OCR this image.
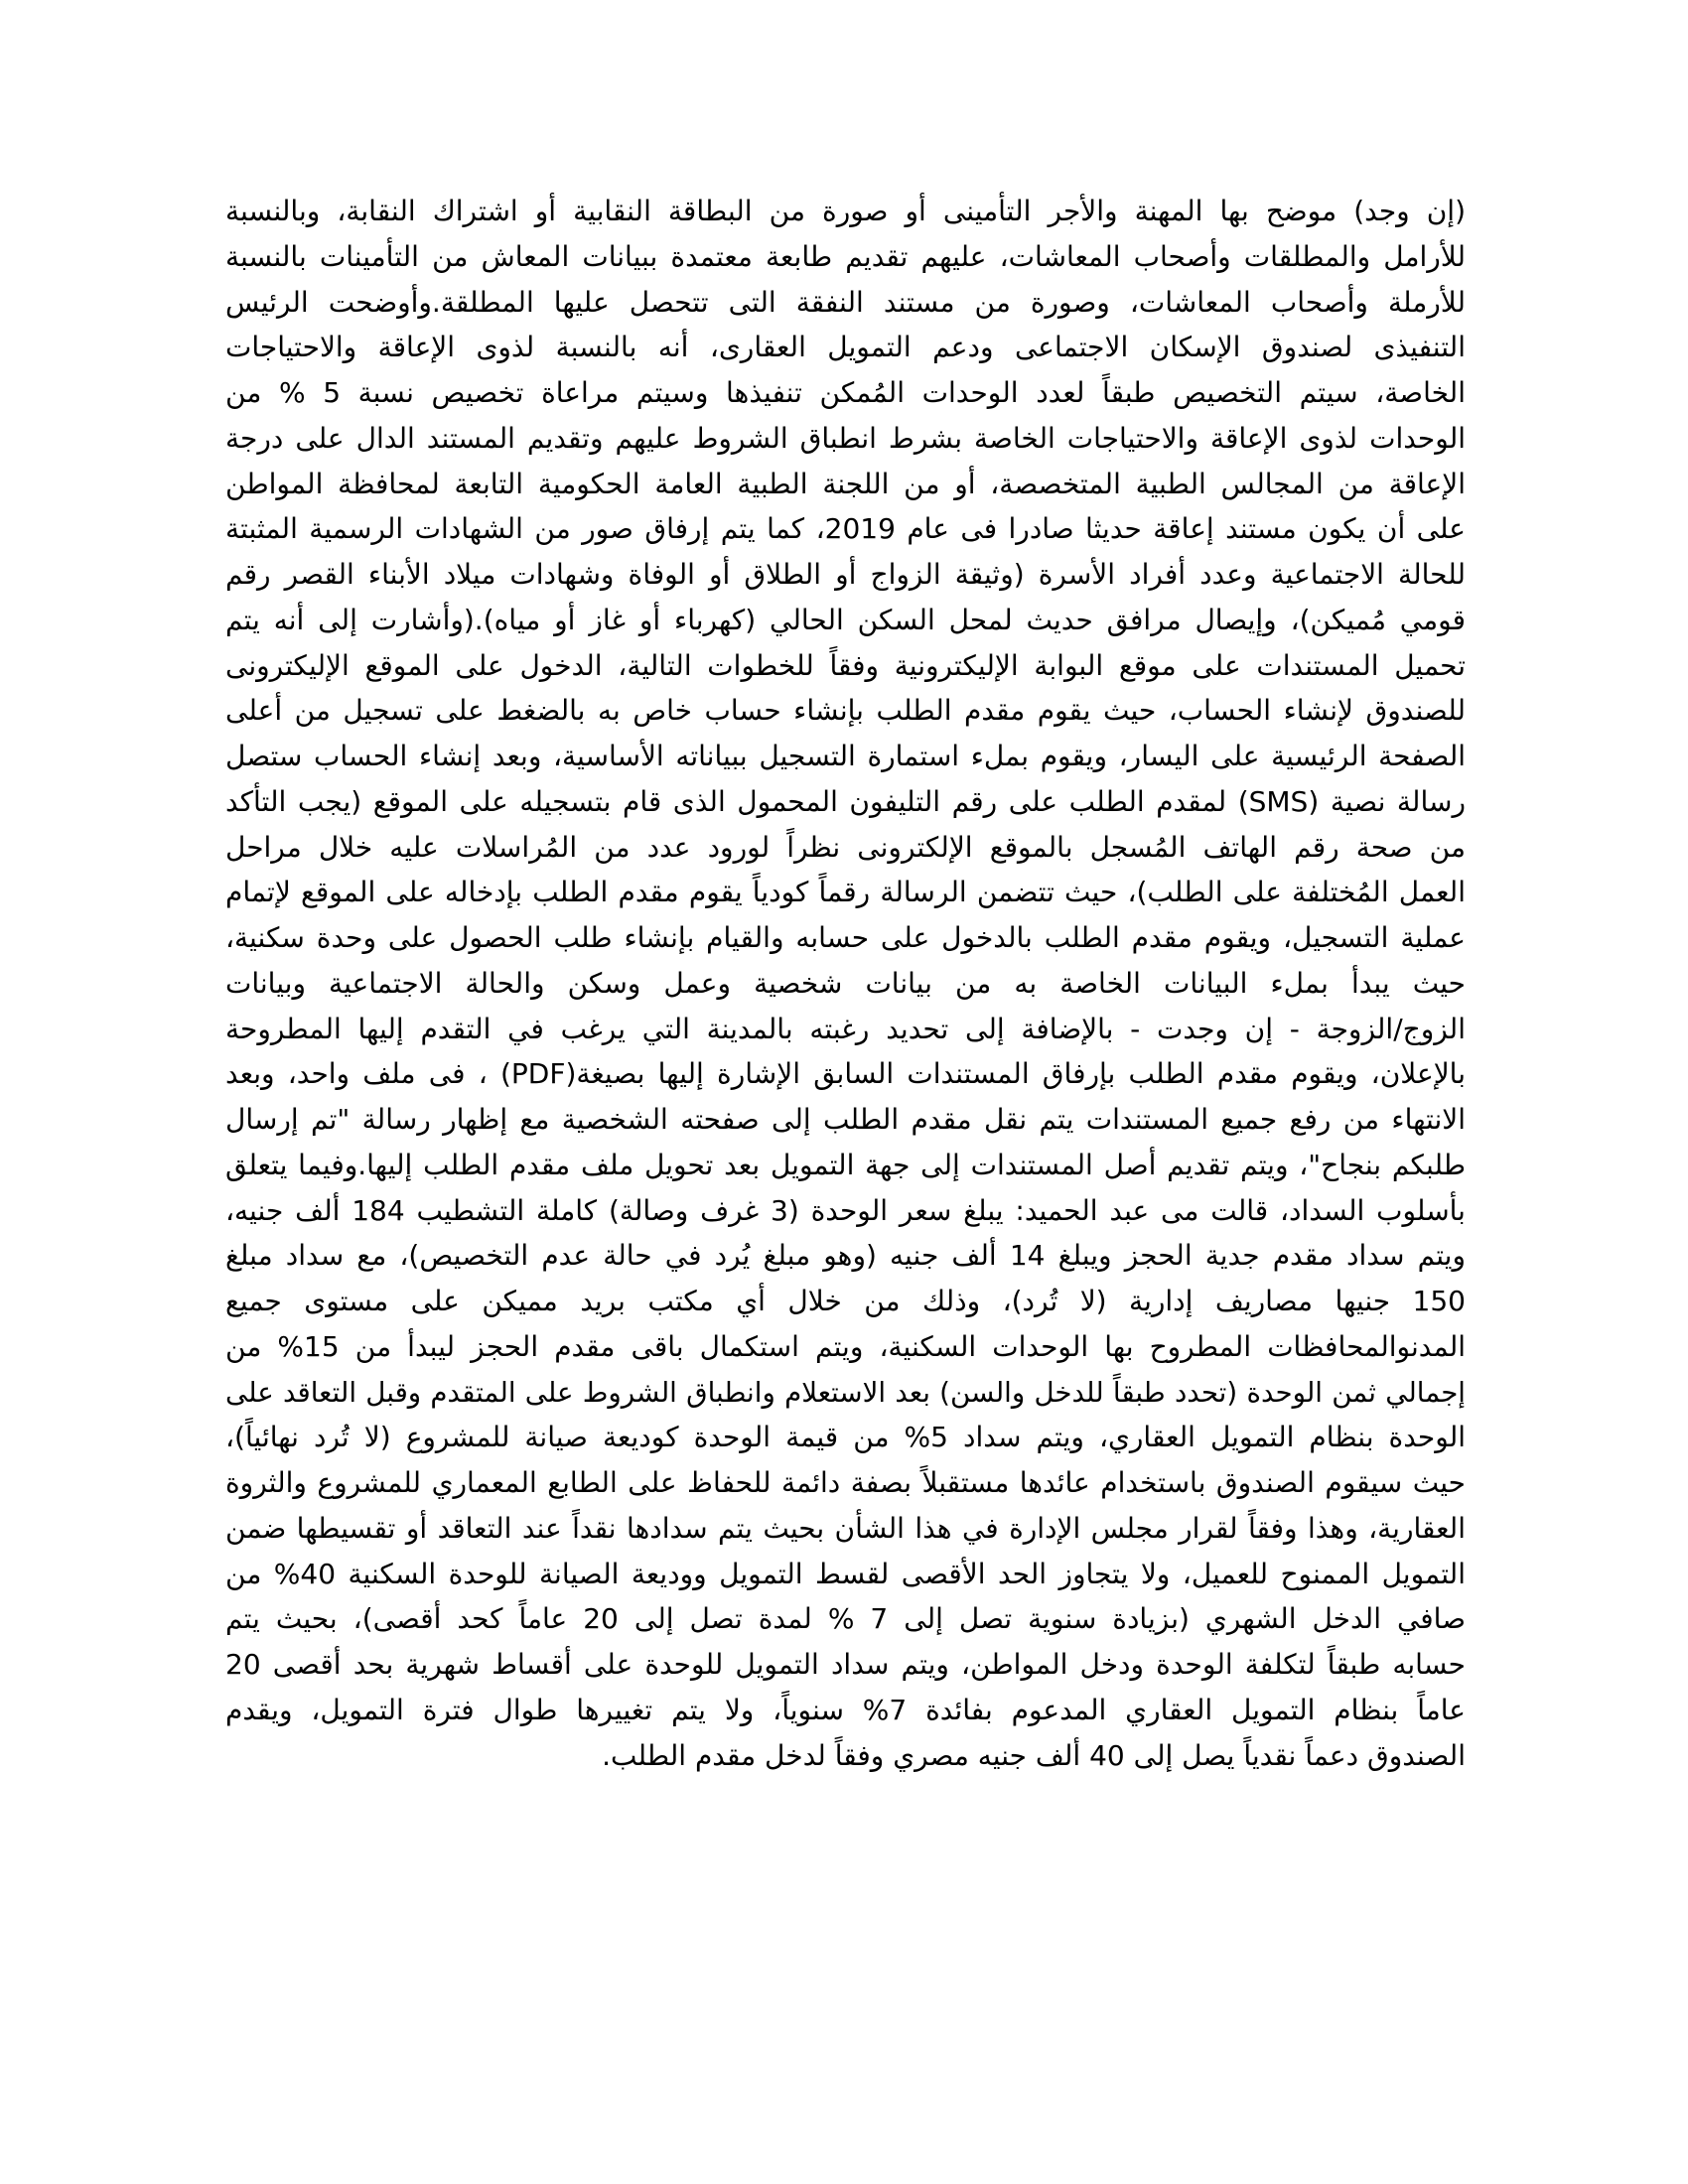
(إن وجد) موضح بها المهنة والأجر التأمينى أو صورة من البطاقة النقابية أو اشتراك النقابة، وبالنسبة
للأرامل والمطلقات وأصحاب المعاشات، عليهم تقديم طابعة معتمدة ببيانات المعاش من التأمينات بالنسبة
للأرملة وأصحاب المعاشات، وصورة من مستند النفقة التى تتحصل عليها المطلقة.وأوضحت الرئيس
التنفيذى لصندوق الإسكان الاجتماعى ودعم التمويل العقارى، أنه بالنسبة لذوى الإعاقة والاحتياجات
الخاصة، سيتم التخصيص طبقاً لعدد الوحدات المُمكن تنفيذها وسيتم مراعاة تخصيص نسبة 5 % من
الوحدات لذوى الإعاقة والاحتياجات الخاصة بشرط انطباق الشروط عليهم وتقديم المستند الدال على درجة
الإعاقة من المجالس الطبية المتخصصة، أو من اللجنة الطبية العامة الحكومية التابعة لمحافظة المواطن
على أن يكون مستند إعاقة حديثا صادرا فى عام 2019، كما يتم إرفاق صور من الشهادات الرسمية المثبتة
للحالة الاجتماعية وعدد أفراد الأسرة (وثيقة الزواج أو الطلاق أو الوفاة وشهادات ميلاد الأبناء القصر رقم
قومي مُميكن)، وإيصال مرافق حديث لمحل السكن الحالي (كهرباء أو غاز أو مياه).(وأشارت إلى أنه يتم
تحميل المستندات على موقع البوابة الإليكترونية وفقاً للخطوات التالية، الدخول على الموقع الإليكترونى
للصندوق لإنشاء الحساب، حيث يقوم مقدم الطلب بإنشاء حساب خاص به بالضغط على تسجيل من أعلى
الصفحة الرئيسية على اليسار، ويقوم بملء استمارة التسجيل ببياناته الأساسية، وبعد إنشاء الحساب ستصل
رسالة نصية (SMS) لمقدم الطلب على رقم التليفون المحمول الذى قام بتسجيله على الموقع (يجب التأكد
من صحة رقم الهاتف المُسجل بالموقع الإلكترونى نظراً لورود عدد من المُراسلات عليه خلال مراحل
العمل المُختلفة على الطلب)، حيث تتضمن الرسالة رقماً كودياً يقوم مقدم الطلب بإدخاله على الموقع لإتمام
عملية التسجيل، ويقوم مقدم الطلب بالدخول على حسابه والقيام بإنشاء طلب الحصول على وحدة سكنية،
حيث يبدأ بملء البيانات الخاصة به من بيانات شخصية وعمل وسكن والحالة الاجتماعية وبيانات
الزوج/الزوجة - إن وجدت - بالإضافة إلى تحديد رغبته بالمدينة التي يرغب في التقدم إليها المطروحة
بالإعلان، ويقوم مقدم الطلب بإرفاق المستندات السابق الإشارة إليها بصيغة(PDF) ، فى ملف واحد، وبعد
الانتهاء من رفع جميع المستندات يتم نقل مقدم الطلب إلى صفحته الشخصية مع إظهار رسالة "تم إرسال
طلبكم بنجاح"، ويتم تقديم أصل المستندات إلى جهة التمويل بعد تحويل ملف مقدم الطلب إليها.وفيما يتعلق
بأسلوب السداد، قالت مى عبد الحميد: يبلغ سعر الوحدة (3 غرف وصالة) كاملة التشطيب 184 ألف جنيه،
ويتم سداد مقدم جدية الحجز ويبلغ 14 ألف جنيه (وهو مبلغ يُرد في حالة عدم التخصيص)، مع سداد مبلغ
150 جنيها مصاريف إدارية (لا تُرد)، وذلك من خلال أي مكتب بريد مميكن على مستوى جميع
المدنوالمحافظات المطروح بها الوحدات السكنية، ويتم استكمال باقى مقدم الحجز ليبدأ من 15% من
إجمالي ثمن الوحدة (تحدد طبقاً للدخل والسن) بعد الاستعلام وانطباق الشروط على المتقدم وقبل التعاقد على
الوحدة بنظام التمويل العقاري، ويتم سداد 5% من قيمة الوحدة كوديعة صيانة للمشروع (لا تُرد نهائياً)،
حيث سيقوم الصندوق باستخدام عائدها مستقبلاً بصفة دائمة للحفاظ على الطابع المعماري للمشروع والثروة
العقارية، وهذا وفقاً لقرار مجلس الإدارة في هذا الشأن بحيث يتم سدادها نقداً عند التعاقد أو تقسيطها ضمن
التمويل الممنوح للعميل، ولا يتجاوز الحد الأقصى لقسط التمويل ووديعة الصيانة للوحدة السكنية 40% من
صافي الدخل الشهري (بزيادة سنوية تصل إلى 7 % لمدة تصل إلى 20 عاماً كحد أقصى)، بحيث يتم
حسابه طبقاً لتكلفة الوحدة ودخل المواطن، ويتم سداد التمويل للوحدة على أقساط شهرية بحد أقصى 20
عاماً بنظام التمويل العقاري المدعوم بفائدة 7% سنوياً، ولا يتم تغييرها طوال فترة التمويل، ويقدم
الصندوق دعماً نقدياً يصل إلى 40 ألف جنيه مصري وفقاً لدخل مقدم الطلب.
